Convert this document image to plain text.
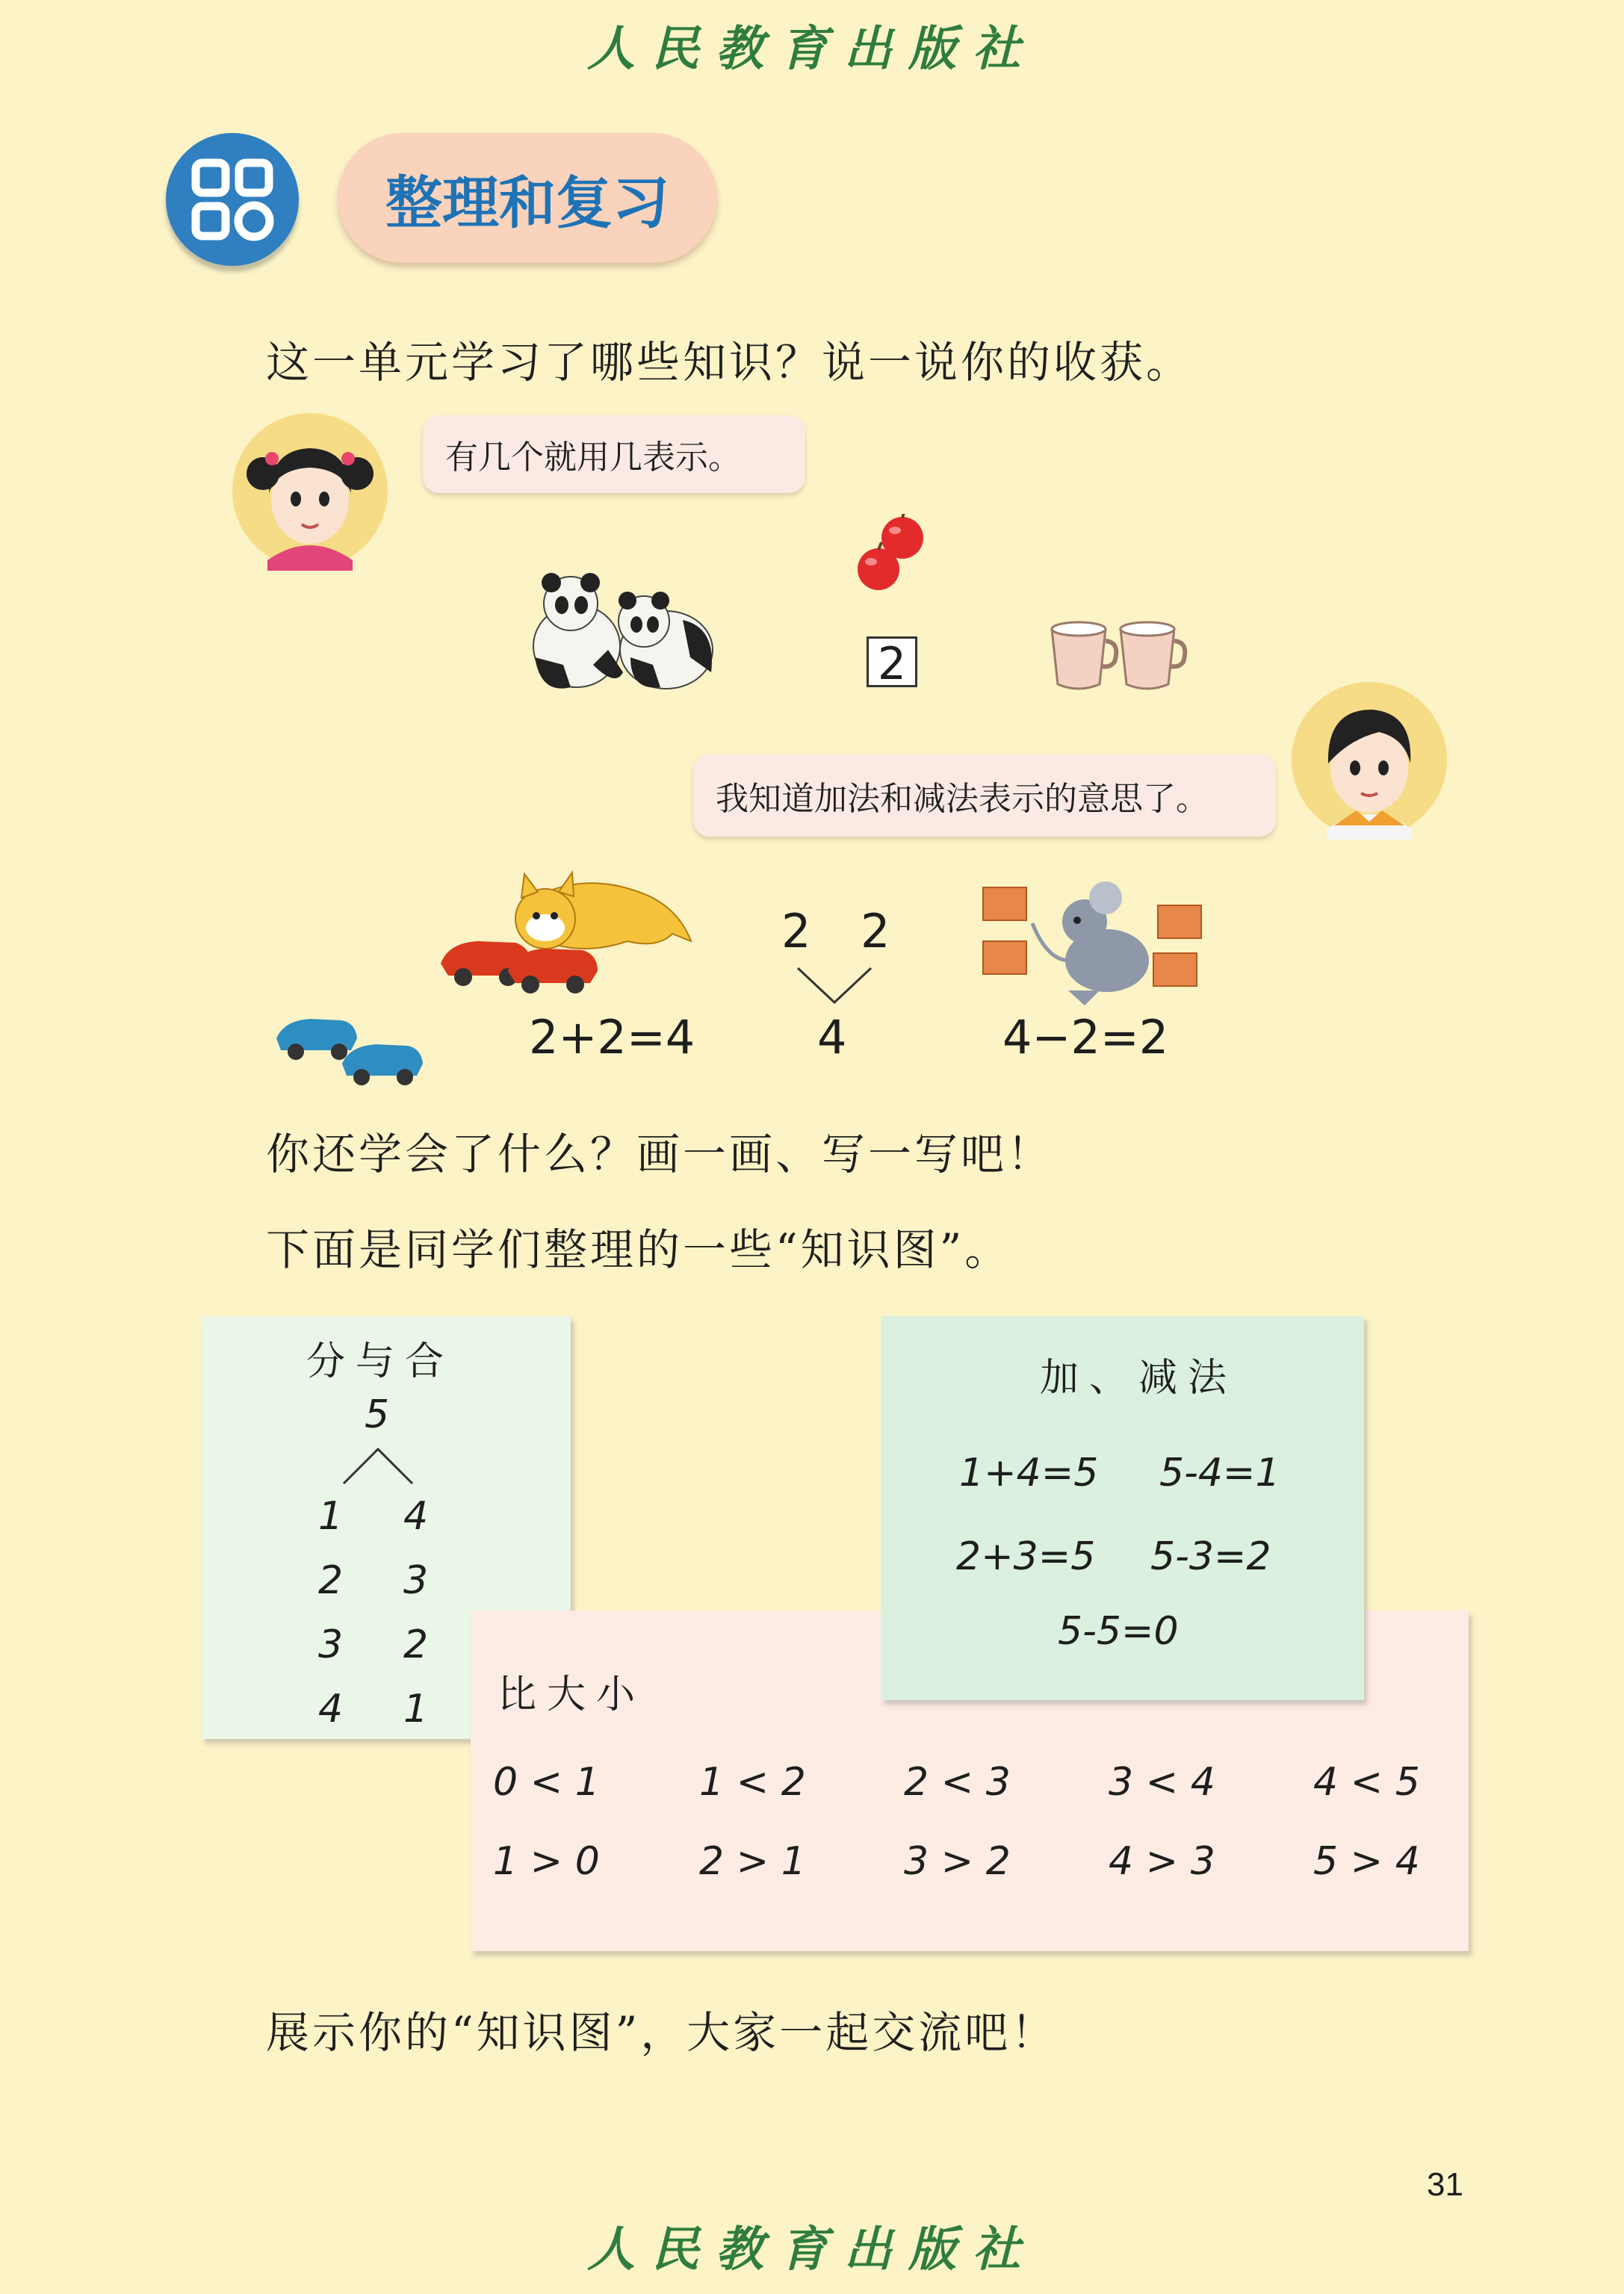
人民教育出版社
整理和复习
这一单元学习了哪些知识？说一说你的收获。
有几个就用几表示。
2
我知道加法和减法表示的意思了。
2+2=4
2 2
4	4−2=2
你还学会了什么？画一画、写一写吧！
下面是同学们整理的一些“知识图”。
分与合
5
1 4
2 3
3 2
4 1 比大小
0 < 1	1 < 2	2 < 3	3 < 4	4 < 5
1 > 0	2 > 1	3 > 2	4 > 3	5 > 4
加、减法
1+4=5 5-4=1
2+3=5 5-3=2
5-5=0
展示你的“知识图”，大家一起交流吧！
31
人民教育出版社
